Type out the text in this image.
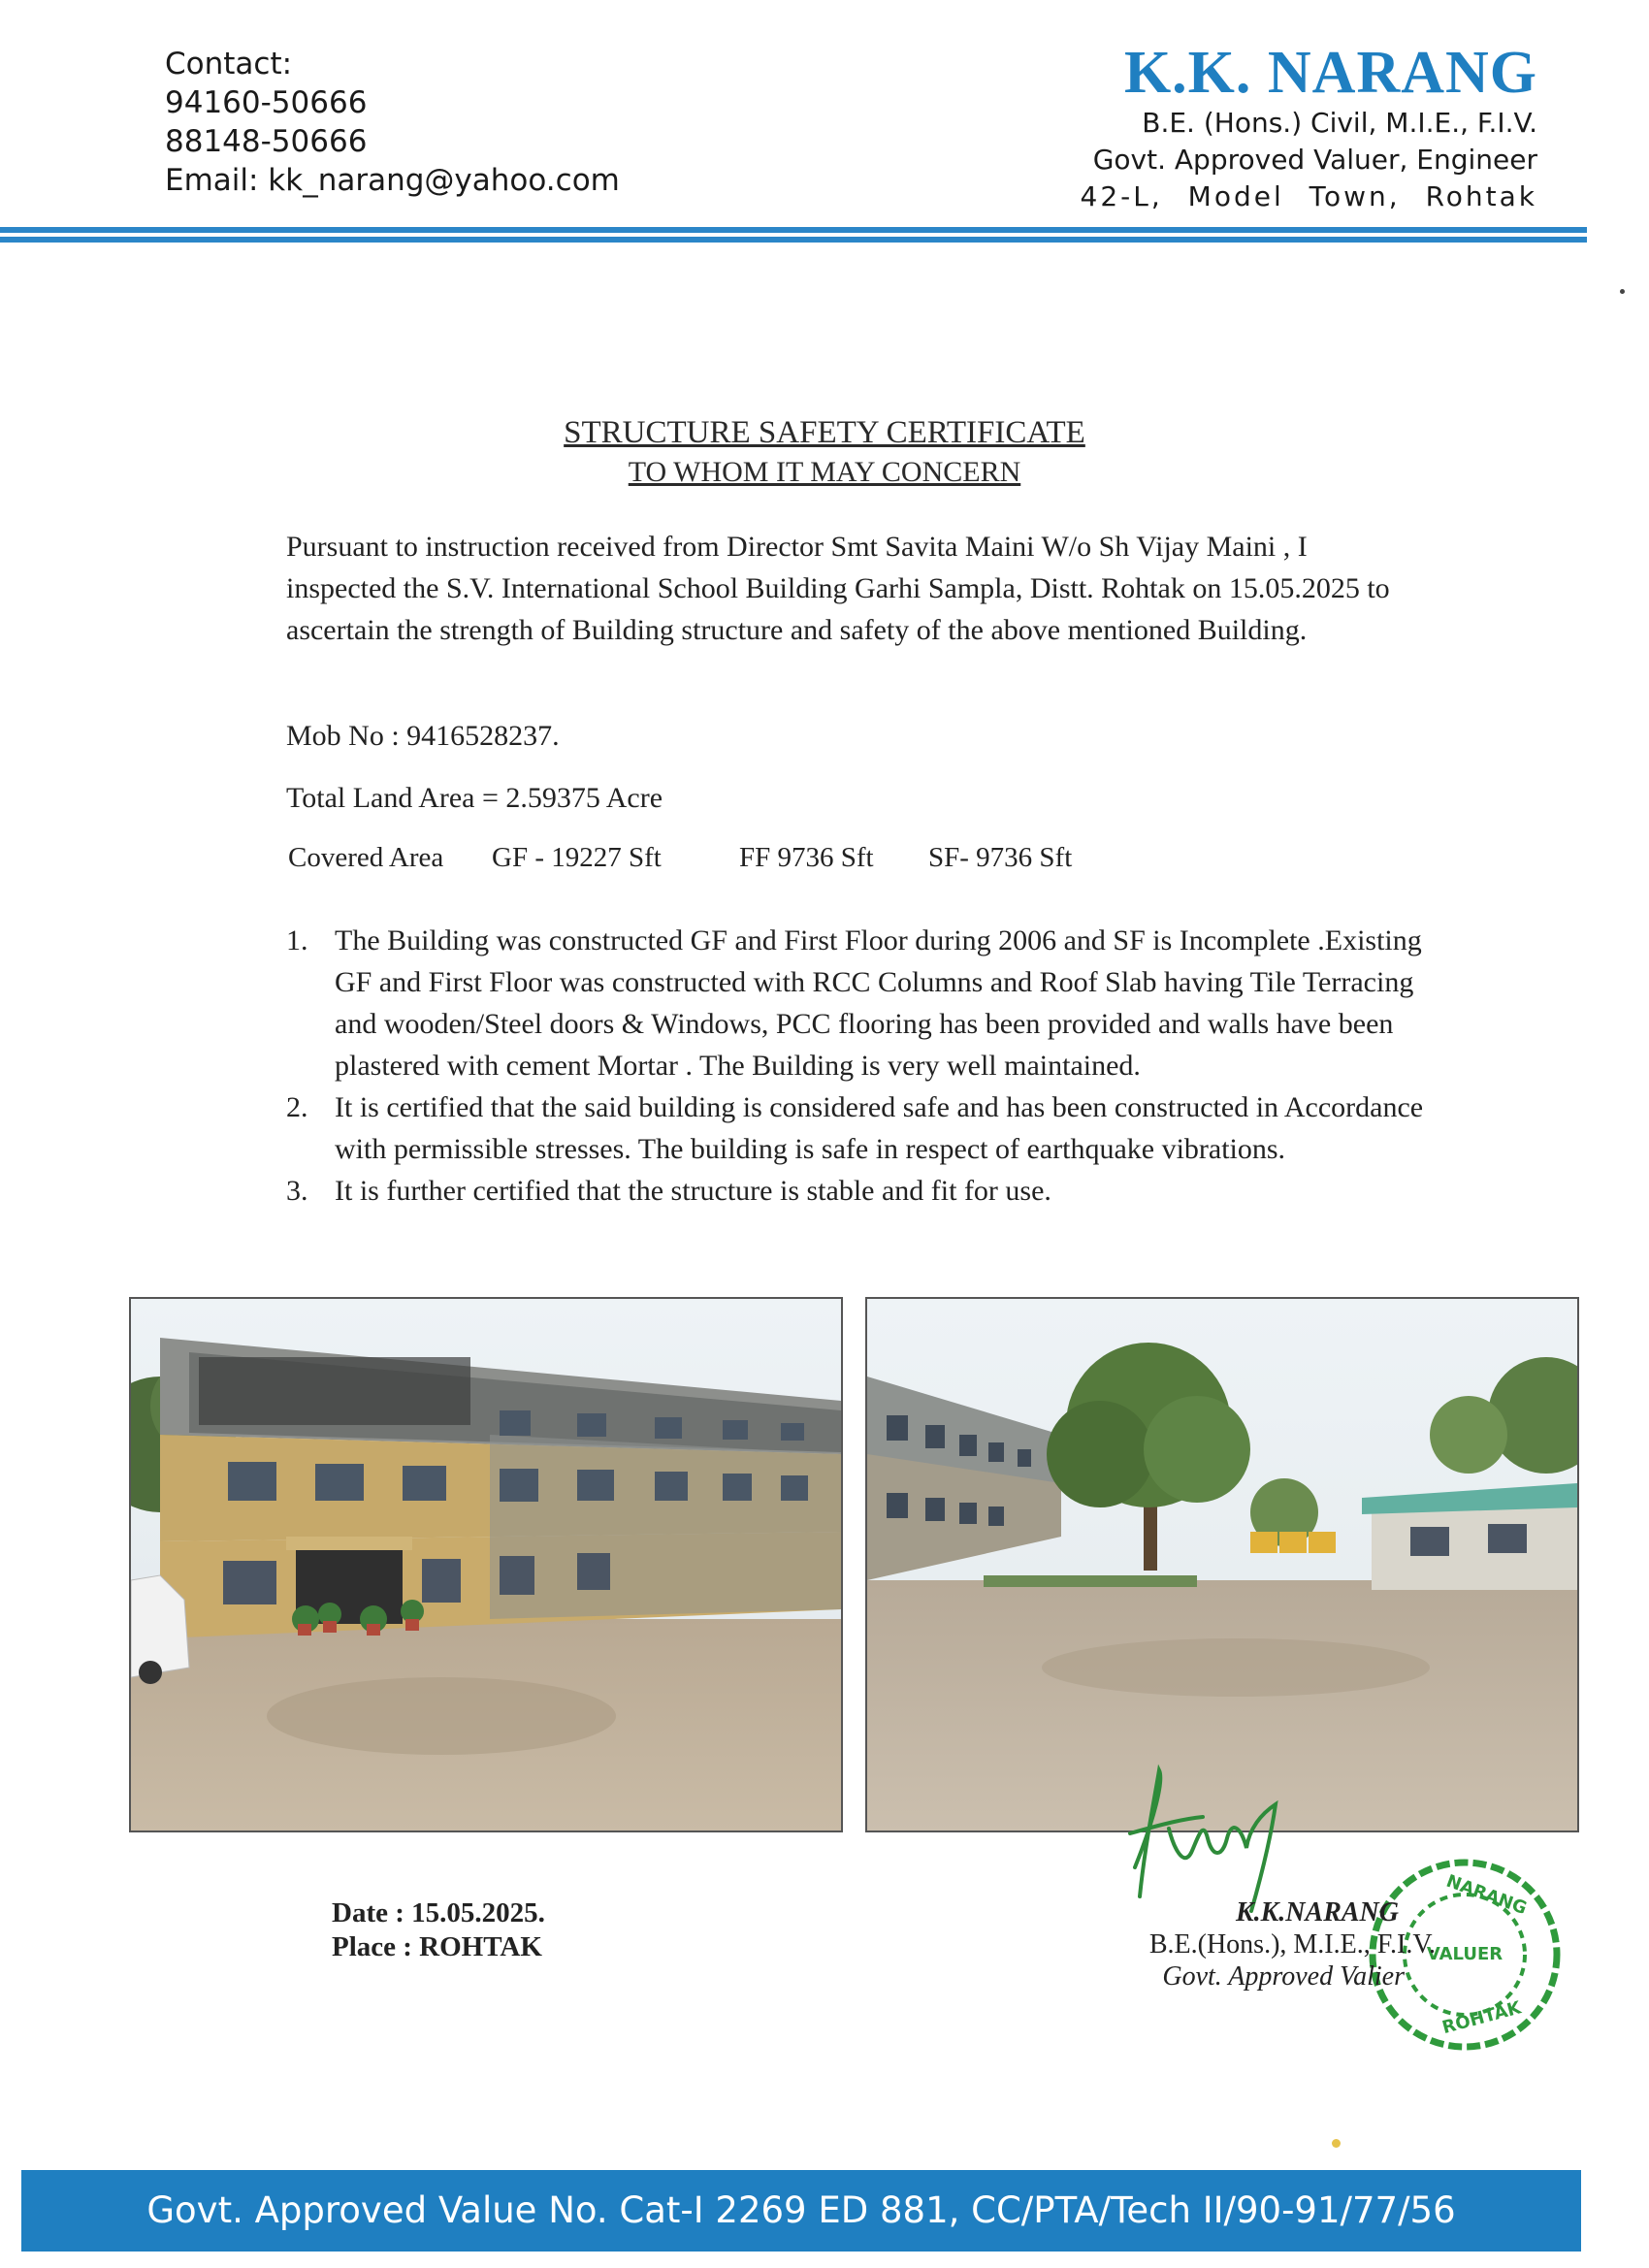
Contact:
94160-50666
88148-50666
Email: kk_narang@yahoo.com
K.K. NARANG
B.E. (Hons.) Civil, M.I.E., F.I.V.
Govt. Approved Valuer, Engineer
42-L, Model Town, Rohtak
STRUCTURE SAFETY CERTIFICATE
TO WHOM IT MAY CONCERN
Pursuant to instruction received from Director Smt Savita Maini W/o Sh Vijay Maini , I inspected the S.V. International School Building Garhi Sampla, Distt. Rohtak on 15.05.2025 to ascertain the strength of Building structure and safety of the above mentioned Building.
Mob No : 9416528237.
Total Land Area = 2.59375 Acre
Covered Area GF - 19227 Sft	FF 9736 Sft SF- 9736 Sft
1. The Building was constructed GF and First Floor during 2006 and SF is Incomplete .Existing GF and First Floor was constructed with RCC Columns and Roof Slab having Tile Terracing and wooden/Steel doors & Windows, PCC flooring has been provided and walls have been plastered with cement Mortar . The Building is very well maintained.
2. It is certified that the said building is considered safe and has been constructed in Accordance with permissible stresses. The building is safe in respect of earthquake vibrations.
3. It is further certified that the structure is stable and fit for use.
VALUER
NARANG
ROHTAK
Date : 15.05.2025.
Place : ROHTAK
K.K.NARANG
B.E.(Hons.), M.I.E., F.I.V.
Govt. Approved Valier
Govt. Approved Value No. Cat-I 2269 ED 881, CC/PTA/Tech II/90-91/77/56
